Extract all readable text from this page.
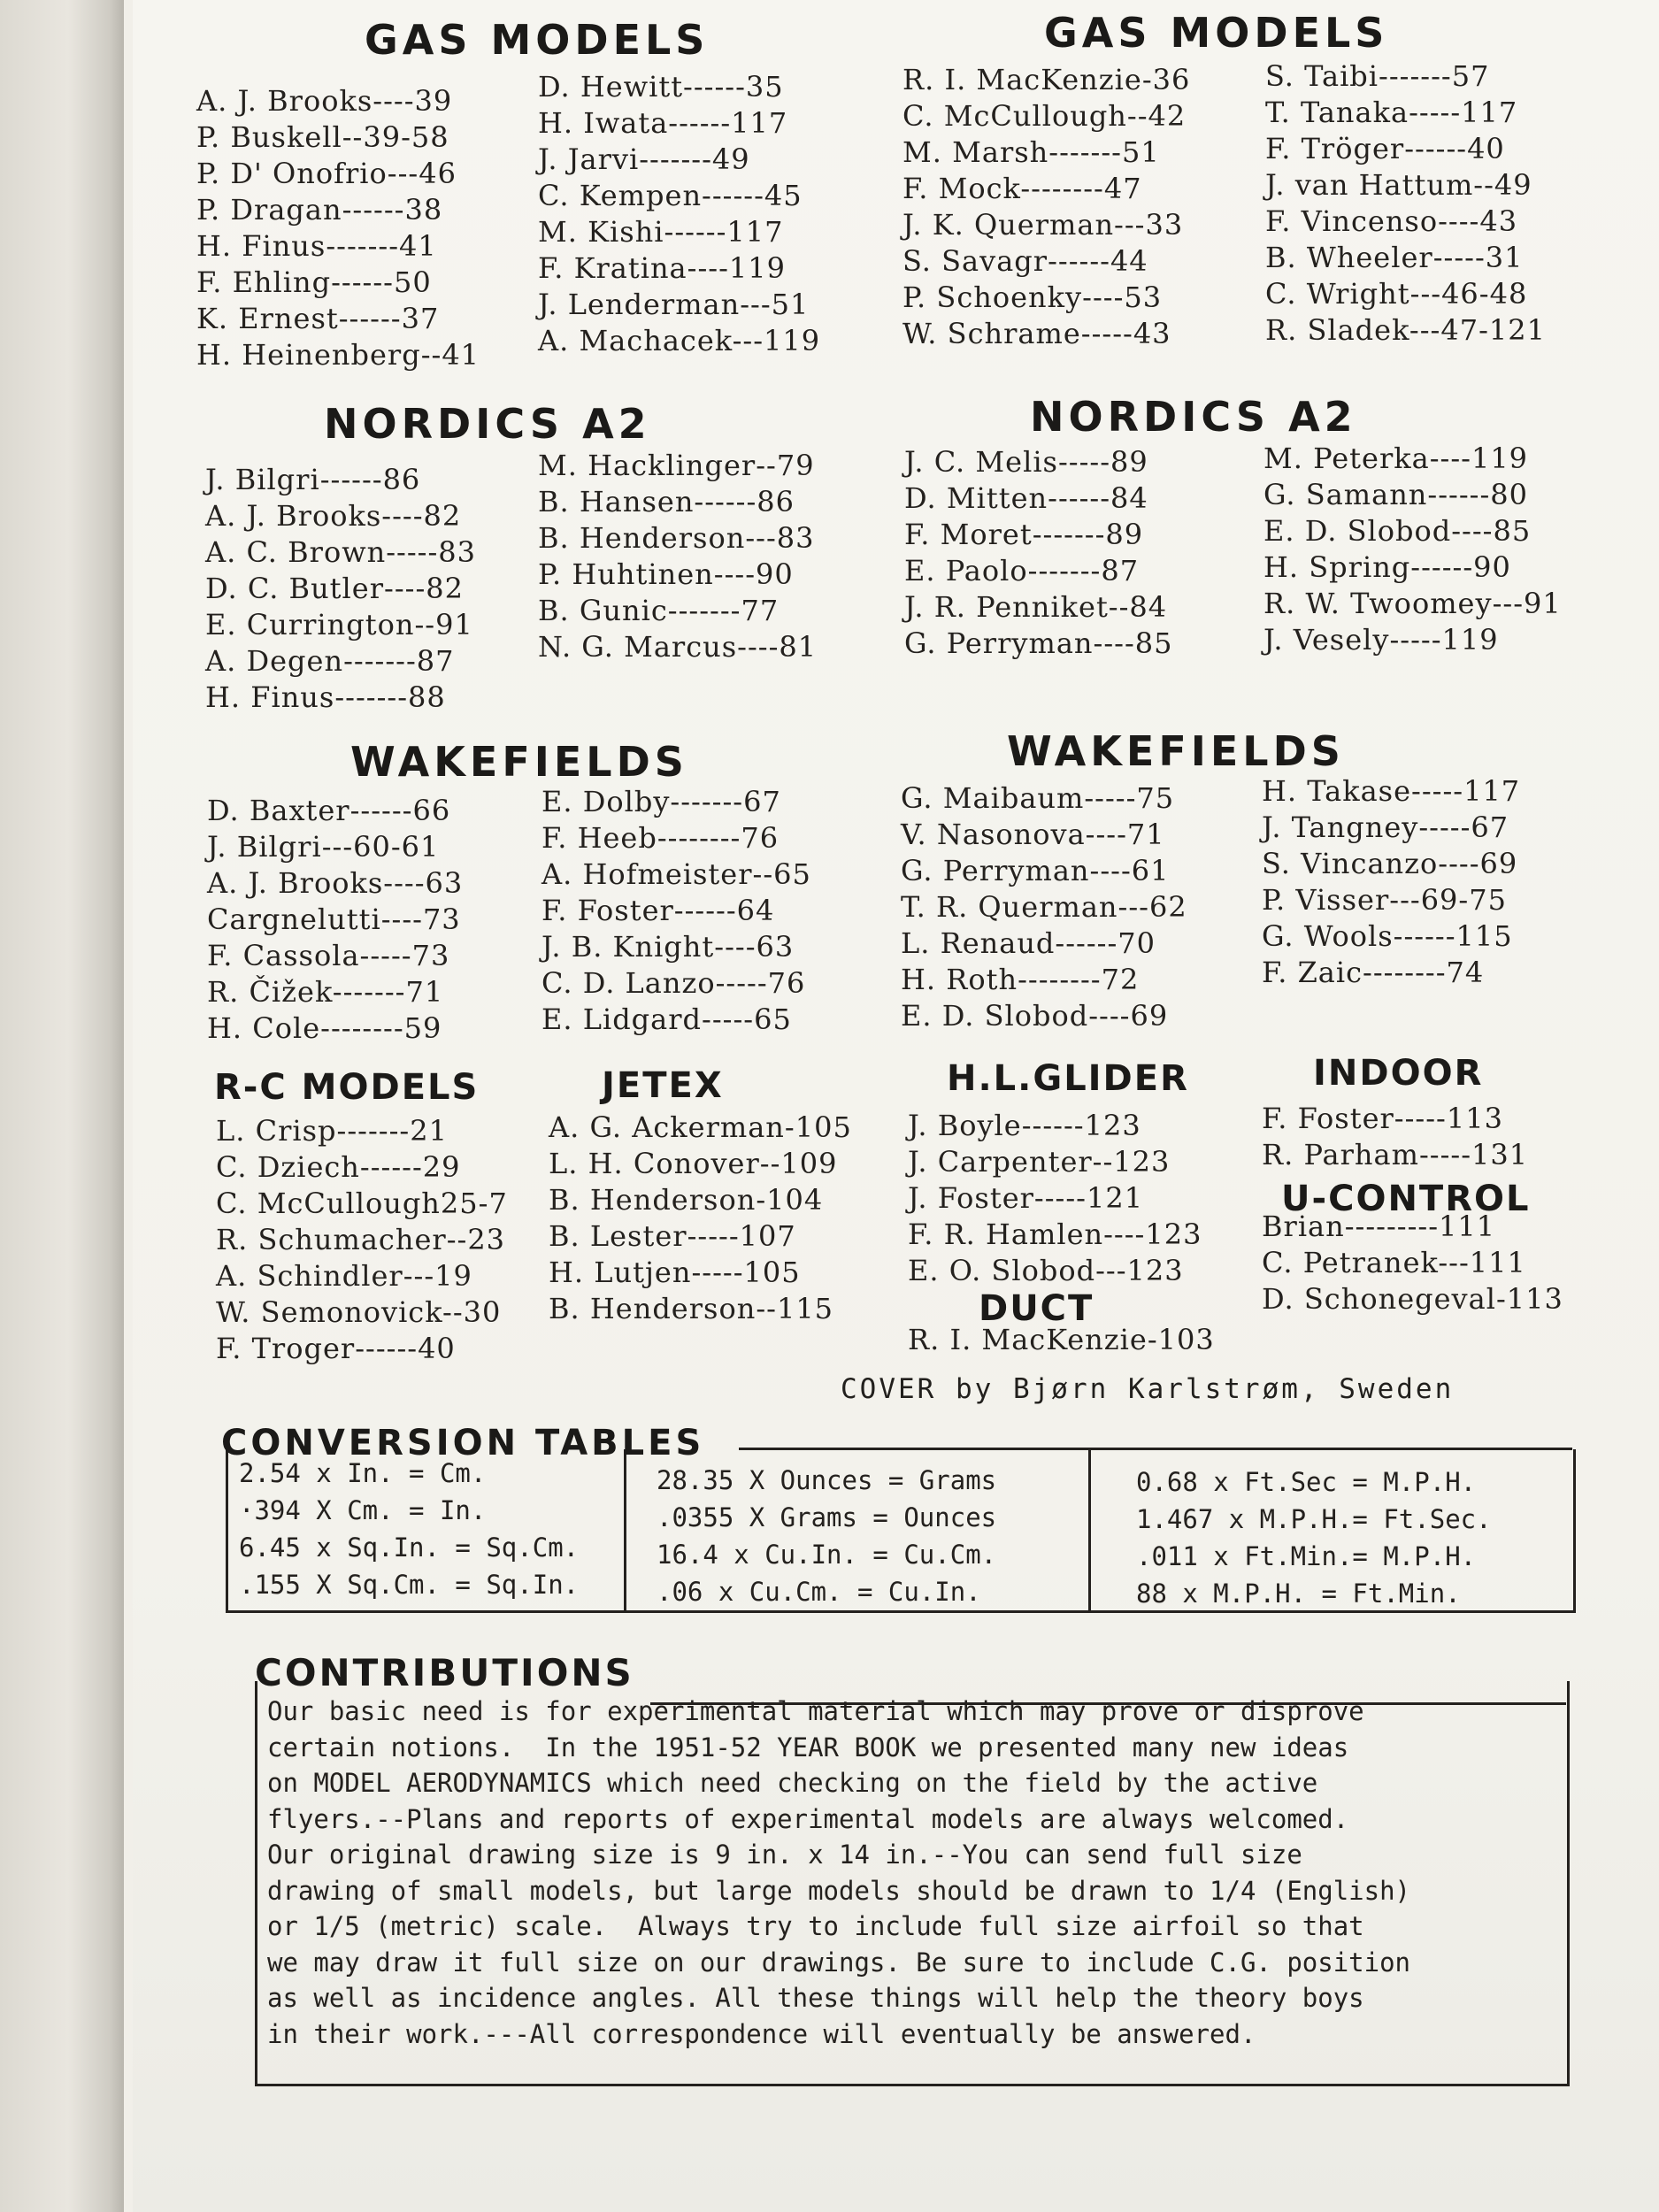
GAS MODELS
A. J. Brooks----39
P. Buskell--39-58
P. D' Onofrio---46
P. Dragan------38
H. Finus-------41
F. Ehling------50
K. Ernest------37
H. Heinenberg--41
D. Hewitt------35
H. Iwata------117
J. Jarvi-------49
C. Kempen------45
M. Kishi------117
F. Kratina----119
J. Lenderman---51
A. Machacek---119
GAS MODELS
R. I. MacKenzie-36
C. McCullough--42
M. Marsh-------51
F. Mock--------47
J. K. Querman---33
S. Savagr------44
P. Schoenky----53
W. Schrame-----43
S. Taibi-------57
T. Tanaka-----117
F. Tröger------40
J. van Hattum--49
F. Vincenso----43
B. Wheeler-----31
C. Wright---46-48
R. Sladek---47-121
NORDICS A2
J. Bilgri------86
A. J. Brooks----82
A. C. Brown-----83
D. C. Butler----82
E. Currington--91
A. Degen-------87
H. Finus-------88
M. Hacklinger--79
B. Hansen------86
B. Henderson---83
P. Huhtinen----90
B. Gunic-------77
N. G. Marcus----81
NORDICS A2
J. C. Melis-----89
D. Mitten------84
F. Moret-------89
E. Paolo-------87
J. R. Penniket--84
G. Perryman----85
M. Peterka----119
G. Samann------80
E. D. Slobod----85
H. Spring------90
R. W. Twoomey---91
J. Vesely-----119
WAKEFIELDS
D. Baxter------66
J. Bilgri---60-61
A. J. Brooks----63
Cargnelutti----73
F. Cassola-----73
R. Čižek-------71
H. Cole--------59
E. Dolby-------67
F. Heeb--------76
A. Hofmeister--65
F. Foster------64
J. B. Knight----63
C. D. Lanzo-----76
E. Lidgard-----65
WAKEFIELDS
G. Maibaum-----75
V. Nasonova----71
G. Perryman----61
T. R. Querman---62
L. Renaud------70
H. Roth--------72
E. D. Slobod----69
H. Takase-----117
J. Tangney-----67
S. Vincanzo----69
P. Visser---69-75
G. Wools------115
F. Zaic--------74
R-C MODELS
L. Crisp-------21
C. Dziech------29
C. McCullough25-7
R. Schumacher--23
A. Schindler---19
W. Semonovick--30
F. Troger------40
JETEX
A. G. Ackerman-105
L. H. Conover--109
B. Henderson-104
B. Lester-----107
H. Lutjen-----105
B. Henderson--115
H.L.GLIDER
J. Boyle------123
J. Carpenter--123
J. Foster-----121
F. R. Hamlen----123
E. O. Slobod---123
DUCT
R. I. MacKenzie-103
INDOOR
F. Foster-----113
R. Parham-----131
U-CONTROL
Brian---------111
C. Petranek---111
D. Schonegeval-113
COVER by Bjørn Karlstrøm, Sweden
CONVERSION TABLES
2.54 x In. = Cm.
·394 X Cm. = In.
6.45 x Sq.In. = Sq.Cm.
.155 X Sq.Cm. = Sq.In.
28.35 X Ounces = Grams
.0355 X Grams = Ounces
16.4 x Cu.In. = Cu.Cm.
.06 x Cu.Cm. = Cu.In.
0.68 x Ft.Sec = M.P.H.
1.467 x M.P.H.= Ft.Sec.
.011 x Ft.Min.= M.P.H.
88 x M.P.H. = Ft.Min.
CONTRIBUTIONS
Our basic need is for experimental material which may prove or disprove
certain notions.  In the 1951-52 YEAR BOOK we presented many new ideas
on MODEL AERODYNAMICS which need checking on the field by the active
flyers.--Plans and reports of experimental models are always welcomed.
Our original drawing size is 9 in. x 14 in.--You can send full size
drawing of small models, but large models should be drawn to 1/4 (English)
or 1/5 (metric) scale.  Always try to include full size airfoil so that
we may draw it full size on our drawings. Be sure to include C.G. position
as well as incidence angles. All these things will help the theory boys
in their work.---All correspondence will eventually be answered.
